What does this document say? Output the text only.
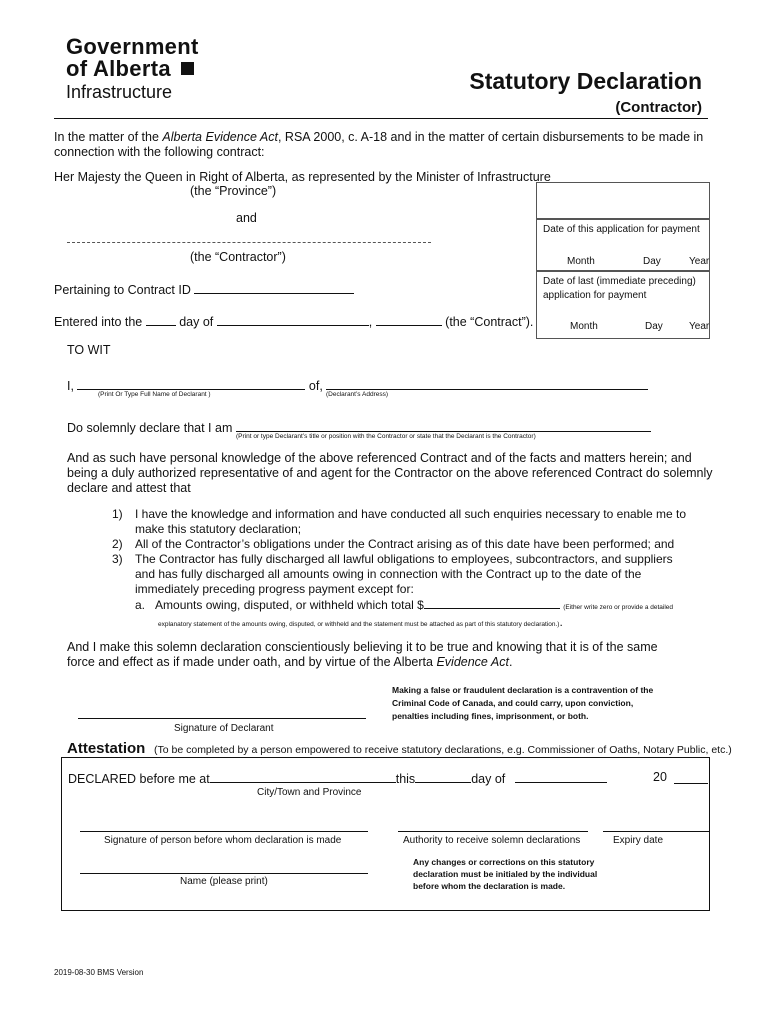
Government
of Alberta
Infrastructure	Statutory Declaration
(Contractor)
In the matter of the Alberta Evidence Act, RSA 2000, c. A-18 and in the matter of certain disbursements to be made in
connection with the following contract:
Her Majesty the Queen in Right of Alberta, as represented by the Minister of Infrastructure
(the “Province”)
and
(the “Contractor”)
Pertaining to Contract ID
Entered into the  day of	,	(the “Contract”).
TO WIT
Date of this application for payment
Month	Day	Year
Date of last (immediate preceding)
application for payment
Month	Day	Year
I,	of,
(Print Or Type Full Name of Declarant )	(Declarant’s Address)
Do solemnly declare that I am
(Print or type Declarant’s title or position with the Contractor or state that the Declarant is the Contractor)
And as such have personal knowledge of the above referenced Contract and of the facts and matters herein; and
being a duly authorized representative of and agent for the Contractor on the above referenced Contract do solemnly
declare and attest that
1) I have the knowledge and information and have conducted all such enquiries necessary to enable me to
make this statutory declaration;
2) All of the Contractor’s obligations under the Contract arising as of this date have been performed; and
3) The Contractor has fully discharged all lawful obligations to employees, subcontractors, and suppliers
and has fully discharged all amounts owing in connection with the Contract up to the date of the
immediately preceding progress payment except for:
a. Amounts owing, disputed, or withheld which total $	(Either write zero or provide a detailed
explanatory statement of the amounts owing, disputed, or withheld and the statement must be attached as part of this statutory declaration.).
And I make this solemn declaration conscientiously believing it to be true and knowing that it is of the same
force and effect as if made under oath, and by virtue of the Alberta Evidence Act.
Making a false or fraudulent declaration is a contravention of the
Criminal Code of Canada, and could carry, upon conviction,
penalties including fines, imprisonment, or both.
Signature of Declarant
Attestation (To be completed by a person empowered to receive statutory declarations, e.g. Commissioner of Oaths, Notary Public, etc.)
DECLARED before me at	this	day of	20
City/Town and Province
Signature of person before whom declaration is made	Authority to receive solemn declarations	Expiry date
Name (please print)
Any changes or corrections on this statutory
declaration must be initialed by the individual
before whom the declaration is made.
2019-08-30 BMS Version
